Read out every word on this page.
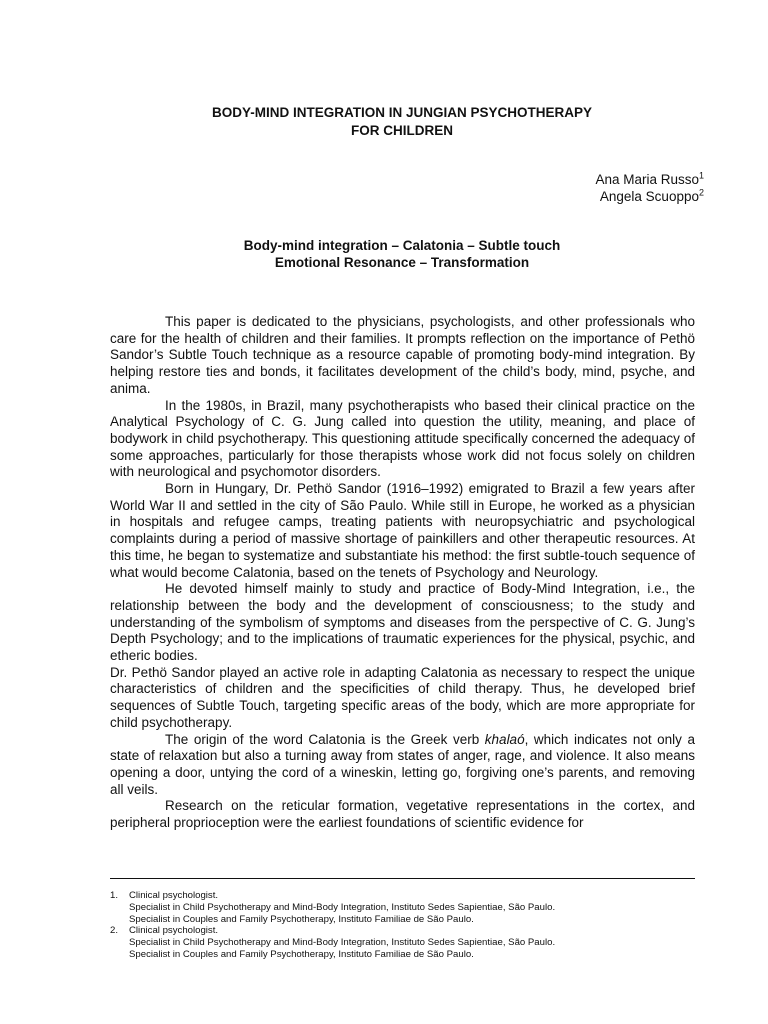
BODY-MIND INTEGRATION IN JUNGIAN PSYCHOTHERAPY
FOR CHILDREN
Ana Maria Russo$^1$
Angela Scuoppo$^2$
Body-mind integration – Calatonia – Subtle touch
Emotional Resonance – Transformation

This paper is dedicated to the physicians, psychologists, and other professionals who care for the health of children and their families. It prompts reflection on the importance of Pethö Sandor’s Subtle Touch technique as a resource capable of promoting body-mind integration. By helping restore ties and bonds, it facilitates development of the child’s body, mind, psyche, and anima.

In the 1980s, in Brazil, many psychotherapists who based their clinical practice on the Analytical Psychology of C. G. Jung called into question the utility, meaning, and place of bodywork in child psychotherapy. This questioning attitude specifically concerned the adequacy of some approaches, particularly for those therapists whose work did not focus solely on children with neurological and psychomotor disorders.

Born in Hungary, Dr. Pethö Sandor (1916–1992) emigrated to Brazil a few years after World War II and settled in the city of São Paulo. While still in Europe, he worked as a physician in hospitals and refugee camps, treating patients with neuropsychiatric and psychological complaints during a period of massive shortage of painkillers and other therapeutic resources. At this time, he began to systematize and substantiate his method: the first subtle-touch sequence of what would become Calatonia, based on the tenets of Psychology and Neurology.

He devoted himself mainly to study and practice of Body-Mind Integration, i.e., the relationship between the body and the development of consciousness; to the study and understanding of the symbolism of symptoms and diseases from the perspective of C. G. Jung’s Depth Psychology; and to the implications of traumatic experiences for the physical, psychic, and etheric bodies.

Dr. Pethö Sandor played an active role in adapting Calatonia as necessary to respect the unique characteristics of children and the specificities of child therapy. Thus, he developed brief sequences of Subtle Touch, targeting specific areas of the body, which are more appropriate for child psychotherapy.

The origin of the word Calatonia is the Greek verb khalaó, which indicates not only a state of relaxation but also a turning away from states of anger, rage, and violence. It also means opening a door, untying the cord of a wineskin, letting go, forgiving one’s parents, and removing all veils.

Research on the reticular formation, vegetative representations in the cortex, and peripheral proprioception were the earliest foundations of scientific evidence for

1. Clinical psychologist.
Specialist in Child Psychotherapy and Mind-Body Integration, Instituto Sedes Sapientiae, São Paulo.
Specialist in Couples and Family Psychotherapy, Instituto Familiae de São Paulo.
2. Clinical psychologist.
Specialist in Child Psychotherapy and Mind-Body Integration, Instituto Sedes Sapientiae, São Paulo.
Specialist in Couples and Family Psychotherapy, Instituto Familiae de São Paulo.
